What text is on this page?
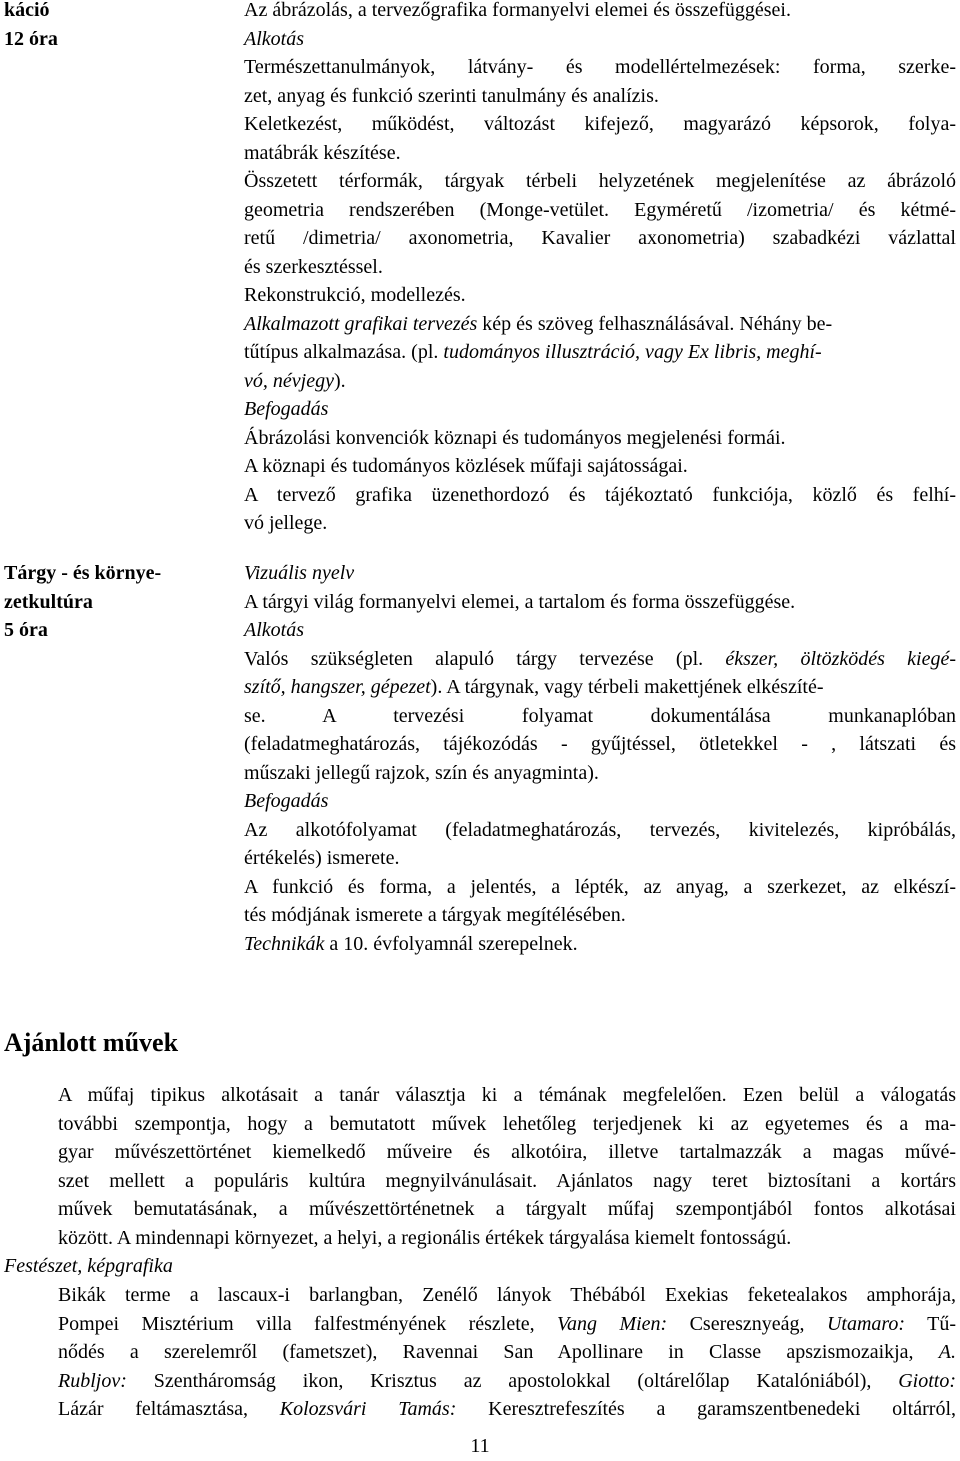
káció
12 óra
Az ábrázolás, a tervezőgrafika formanyelvi elemei és összefüggései.
Alkotás
Természettanulmányok, látvány- és modellértelmezések: forma, szerke-
zet, anyag és funkció szerinti tanulmány és analízis.
Keletkezést, működést, változást kifejező, magyarázó képsorok, folya-
matábrák készítése.
Összetett térformák, tárgyak térbeli helyzetének megjelenítése az ábrázoló
geometria rendszerében (Monge-vetület. Egyméretű /izometria/ és kétmé-
retű /dimetria/ axonometria, Kavalier axonometria) szabadkézi vázlattal
és szerkesztéssel.
Rekonstrukció, modellezés.
Alkalmazott grafikai tervezés kép és szöveg felhasználásával. Néhány be-
tűtípus alkalmazása. (pl. tudományos illusztráció, vagy Ex libris, meghí-
vó, névjegy).
Befogadás
Ábrázolási konvenciók köznapi és tudományos megjelenési formái.
A köznapi és tudományos közlések műfaji sajátosságai.
A tervező grafika üzenethordozó és tájékoztató funkciója, közlő és felhí-
vó jellege.
Tárgy - és környe-
zetkultúra
5 óra
Vizuális nyelv
A tárgyi világ formanyelvi elemei, a tartalom és forma összefüggése.
Alkotás
Valós szükségleten alapuló tárgy tervezése (pl. ékszer, öltözködés kiegé-
szítő, hangszer, gépezet). A tárgynak, vagy térbeli makettjének elkészíté-
se. A tervezési folyamat dokumentálása munkanaplóban
(feladatmeghatározás, tájékozódás - gyűjtéssel, ötletekkel - , látszati és
műszaki jellegű rajzok, szín és anyagminta).
Befogadás
Az alkotófolyamat (feladatmeghatározás, tervezés, kivitelezés, kipróbálás,
értékelés) ismerete.
A funkció és forma, a jelentés, a lépték, az anyag, a szerkezet, az elkészí-
tés módjának ismerete a tárgyak megítélésében.
Technikák a 10. évfolyamnál szerepelnek.
Ajánlott művek
A műfaj tipikus alkotásait a tanár választja ki a témának megfelelően. Ezen belül a válogatás
további szempontja, hogy a bemutatott művek lehetőleg terjedjenek ki az egyetemes és a ma-
gyar művészettörténet kiemelkedő műveire és alkotóira, illetve tartalmazzák a magas művé-
szet mellett a populáris kultúra megnyilvánulásait. Ajánlatos nagy teret biztosítani a kortárs
művek bemutatásának, a művészettörténetnek a tárgyalt műfaj szempontjából fontos alkotásai
között. A mindennapi környezet, a helyi, a regionális értékek tárgyalása kiemelt fontosságú.
Festészet, képgrafika
Bikák terme a lascaux-i barlangban, Zenélő lányok Thébából Exekias feketealakos amphorája,
Pompei Misztérium villa falfestményének részlete, Vang Mien: Cseresznyeág, Utamaro: Tű-
nődés a szerelemről (fametszet), Ravennai San Apollinare in Classe apszismozaikja, A.
Rubljov: Szentháromság ikon, Krisztus az apostolokkal (oltárelőlap Katalóniából), Giotto:
Lázár feltámasztása, Kolozsvári Tamás: Keresztrefeszítés a garamszentbenedeki oltárról,
11
